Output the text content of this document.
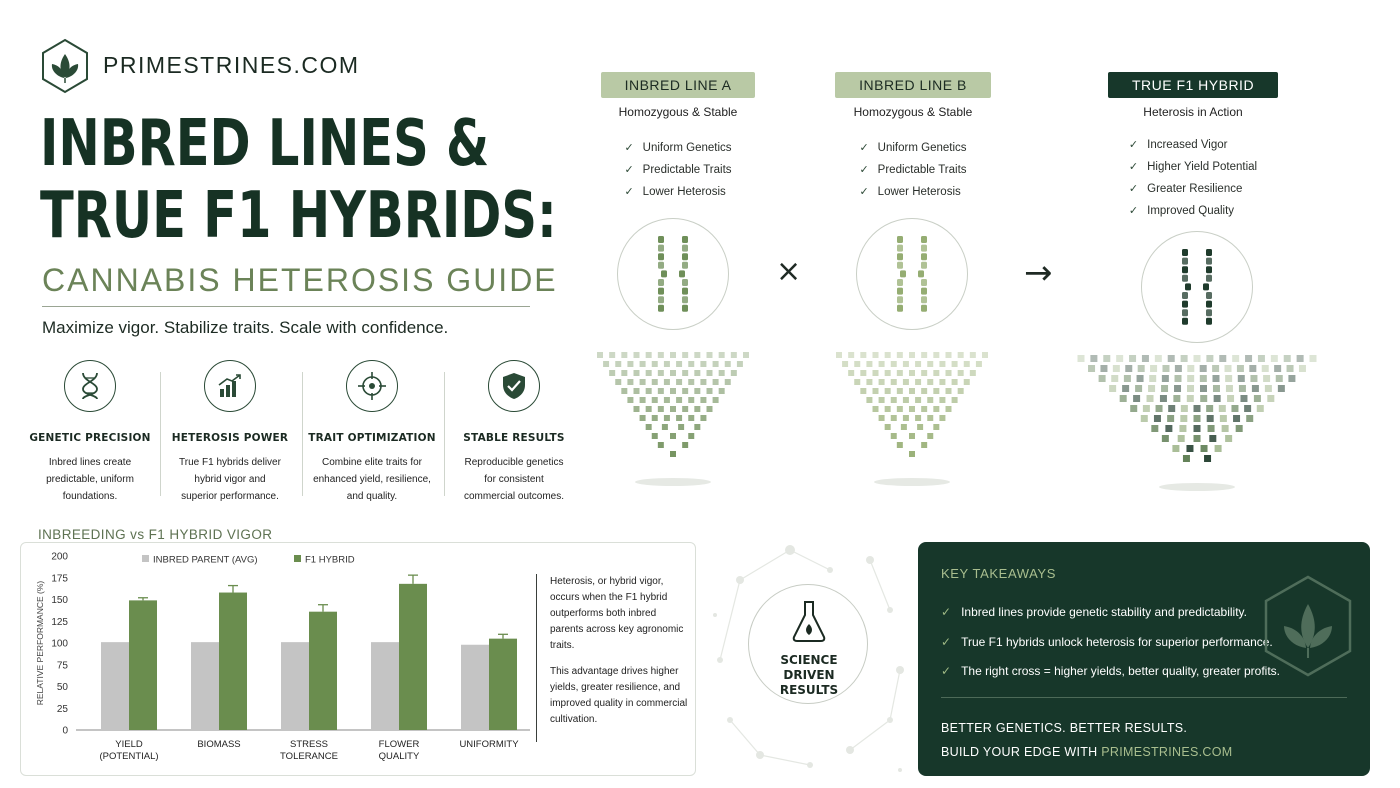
PRIMESTRINES.COM
INBRED LINES &
TRUE F1 HYBRIDS:
CANNABIS HETEROSIS GUIDE
Maximize vigor. Stabilize traits. Scale with confidence.
GENETIC PRECISION
Inbred lines create
predictable, uniform
foundations.
HETEROSIS POWER
True F1 hybrids deliver
hybrid vigor and
superior performance.
TRAIT OPTIMIZATION
Combine elite traits for
enhanced yield, resilience,
and quality.
STABLE RESULTS
Reproducible genetics
for consistent
commercial outcomes.
INBRED LINE A
Homozygous & Stable
✓ Uniform Genetics
✓ Predictable Traits
✓ Lower Heterosis
INBRED LINE B
Homozygous & Stable
✓ Uniform Genetics
✓ Predictable Traits
✓ Lower Heterosis
TRUE F1 HYBRID
Heterosis in Action
✓ Increased Vigor
✓ Higher Yield Potential
✓ Greater Resilience
✓ Improved Quality
×	→
INBREEDING vs F1 HYBRID VIGOR
RELATIVE PERFORMANCE (%)
0
25
50
75
100
125
150
175
200	INBRED PARENT (AVG)	F1 HYBRID
YIELD
(POTENTIAL)
BIOMASS	STRESS
TOLERANCE
FLOWER
QUALITY
UNIFORMITY

Heterosis, or hybrid vigor, occurs when the F1 hybrid outperforms both inbred parents across key agronomic traits.

This advantage drives higher yields, greater resilience, and improved quality in commercial cultivation.

SCIENCE
DRIVEN
RESULTS
KEY TAKEAWAYS
✓ Inbred lines provide genetic stability and predictability.
✓ True F1 hybrids unlock heterosis for superior performance.
✓ The right cross = higher yields, better quality, greater profits.
BETTER GENETICS. BETTER RESULTS.
BUILD YOUR EDGE WITH PRIMESTRINES.COM
